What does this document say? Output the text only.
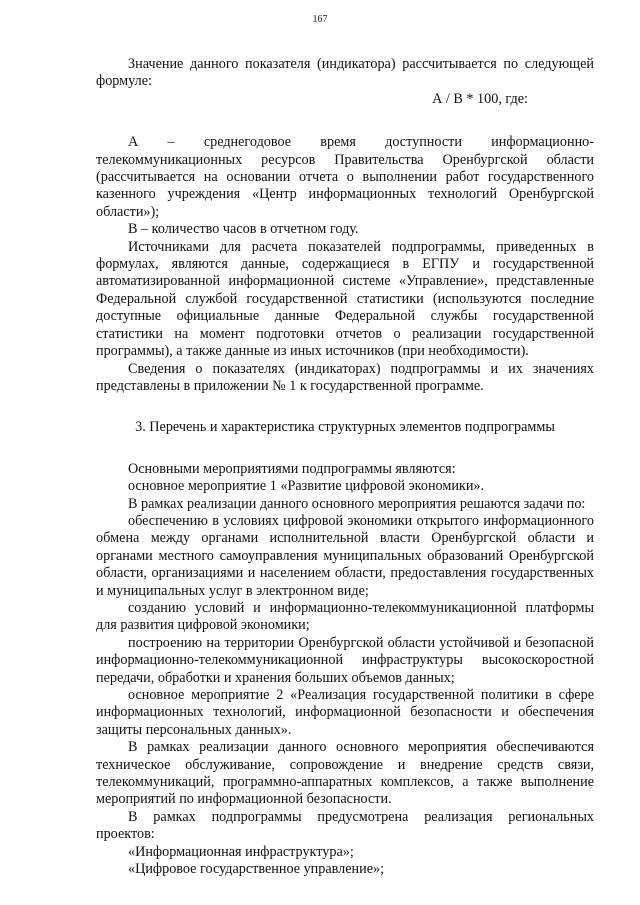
167

Значение данного показателя (индикатора) рассчитывается по следующей формуле:

А / В * 100, где:

А – среднегодовое время доступности информационно-телекоммуникационных ресурсов Правительства Оренбургской области (рассчитывается на основании отчета о выполнении работ государственного казенного учреждения «Центр информационных технологий Оренбургской области»);

В – количество часов в отчетном году.

Источниками для расчета показателей подпрограммы, приведенных в формулах, являются данные, содержащиеся в ЕГПУ и государственной автоматизированной информационной системе «Управление», представленные Федеральной службой государственной статистики (используются последние доступные официальные данные Федеральной службы государственной статистики на момент подготовки отчетов о реализации государственной программы), а также данные из иных источников (при необходимости).

Сведения о показателях (индикаторах) подпрограммы и их значениях представлены в приложении № 1 к государственной программе.

3. Перечень и характеристика структурных элементов подпрограммы

Основными мероприятиями подпрограммы являются:

основное мероприятие 1 «Развитие цифровой экономики».

В рамках реализации данного основного мероприятия решаются задачи по:

обеспечению в условиях цифровой экономики открытого информационного обмена между органами исполнительной власти Оренбургской области и органами местного самоуправления муниципальных образований Оренбургской области, организациями и населением области, предоставления государственных и муниципальных услуг в электронном виде;

созданию условий и информационно-телекоммуникационной платформы для развития цифровой экономики;

построению на территории Оренбургской области устойчивой и безопасной информационно-телекоммуникационной инфраструктуры высокоскоростной передачи, обработки и хранения больших объемов данных;

основное мероприятие 2 «Реализация государственной политики в сфере информационных технологий, информационной безопасности и обеспечения защиты персональных данных».

В рамках реализации данного основного мероприятия обеспечиваются техническое обслуживание, сопровождение и внедрение средств связи, телекоммуникаций, программно-аппаратных комплексов, а также выполнение мероприятий по информационной безопасности.

В рамках подпрограммы предусмотрена реализация региональных проектов:

«Информационная инфраструктура»;

«Цифровое государственное управление»;
